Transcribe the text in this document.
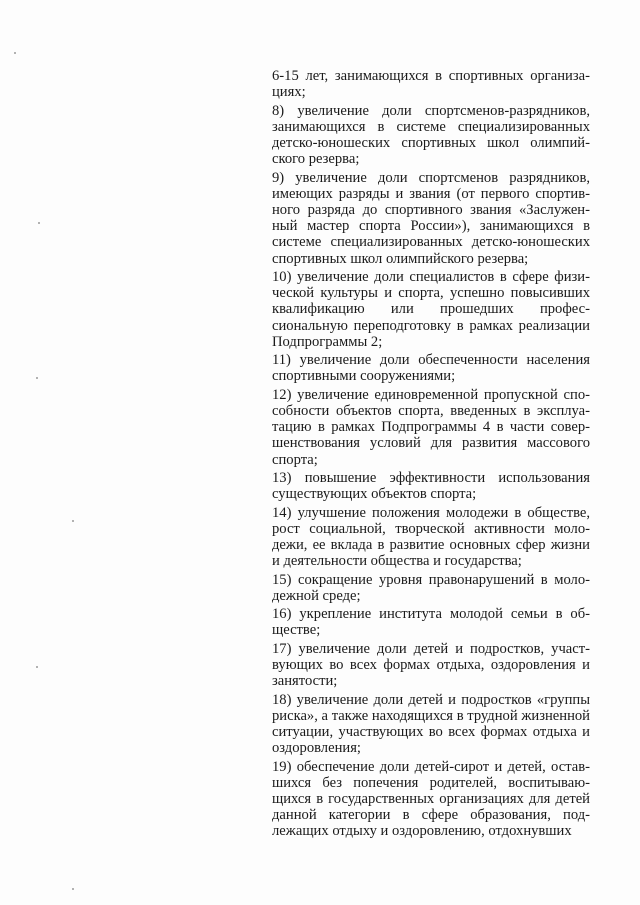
6-15 лет, занимающихся в спортивных организациях;

8) увеличение доли спортсменов-разрядников, занимающихся в системе специализированных детско-юношеских спортивных школ олимпийского резерва;

9) увеличение доли спортсменов разрядников, имеющих разряды и звания (от первого спортивного разряда до спортивного звания «Заслуженный мастер спорта России»), занимающихся в системе специализированных детско-юношеских спортивных школ олимпийского резерва;

10) увеличение доли специалистов в сфере физической культуры и спорта, успешно повысивших квалификацию или прошедших профессиональную переподготовку в рамках реализации Подпрограммы 2;

11) увеличение доли обеспеченности населения спортивными сооружениями;

12) увеличение единовременной пропускной способности объектов спорта, введенных в эксплуатацию в рамках Подпрограммы 4 в части совершенствования условий для развития массового спорта;

13) повышение эффективности использования существующих объектов спорта;

14) улучшение положения молодежи в обществе, рост социальной, творческой активности молодежи, ее вклада в развитие основных сфер жизни и деятельности общества и государства;

15) сокращение уровня правонарушений в молодежной среде;

16) укрепление института молодой семьи в обществе;

17) увеличение доли детей и подростков, участвующих во всех формах отдыха, оздоровления и занятости;

18) увеличение доли детей и подростков «группы риска», а также находящихся в трудной жизненной ситуации, участвующих во всех формах отдыха и оздоровления;

19) обеспечение доли детей-сирот и детей, оставшихся без попечения родителей, воспитывающихся в государственных организациях для детей данной категории в сфере образования, подлежащих отдыху и оздоровлению, отдохнувших
